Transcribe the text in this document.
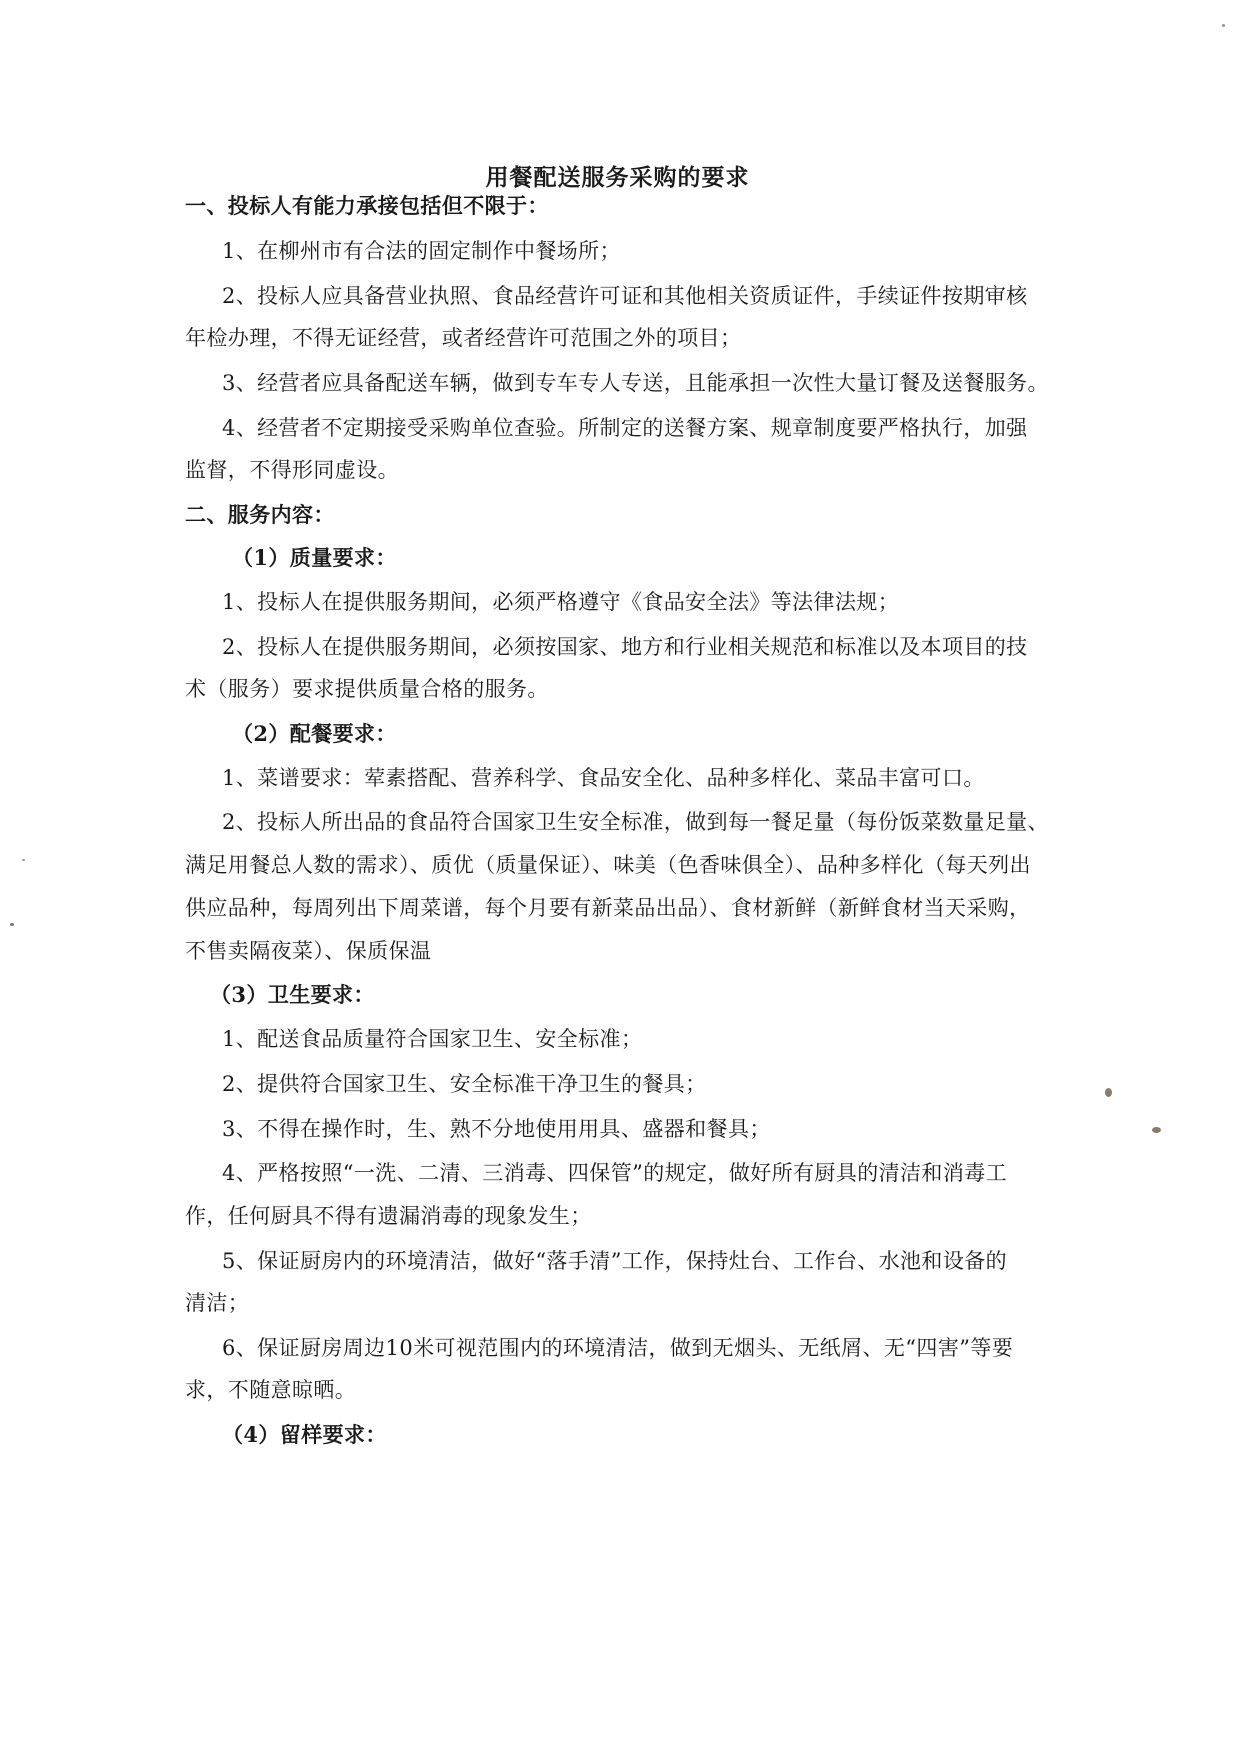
用餐配送服务采购的要求
一、投标人有能力承接包括但不限于：
1、在柳州市有合法的固定制作中餐场所；
2、投标人应具备营业执照、食品经营许可证和其他相关资质证件，手续证件按期审核
年检办理，不得无证经营，或者经营许可范围之外的项目；
3、经营者应具备配送车辆，做到专车专人专送，且能承担一次性大量订餐及送餐服务。
4、经营者不定期接受采购单位查验。所制定的送餐方案、规章制度要严格执行，加强
监督，不得形同虚设。
二、服务内容：
（1）质量要求：
1、投标人在提供服务期间，必须严格遵守《食品安全法》等法律法规；
2、投标人在提供服务期间，必须按国家、地方和行业相关规范和标准以及本项目的技
术（服务）要求提供质量合格的服务。
（2）配餐要求：
1、菜谱要求：荤素搭配、营养科学、食品安全化、品种多样化、菜品丰富可口。
2、投标人所出品的食品符合国家卫生安全标准，做到每一餐足量（每份饭菜数量足量、
满足用餐总人数的需求）、质优（质量保证）、味美（色香味俱全）、品种多样化（每天列出
供应品种，每周列出下周菜谱，每个月要有新菜品出品）、食材新鲜（新鲜食材当天采购，
不售卖隔夜菜）、保质保温
（3）卫生要求：
1、配送食品质量符合国家卫生、安全标准；
2、提供符合国家卫生、安全标准干净卫生的餐具；
3、不得在操作时，生、熟不分地使用用具、盛器和餐具；
4、严格按照“一洗、二清、三消毒、四保管”的规定，做好所有厨具的清洁和消毒工
作，任何厨具不得有遗漏消毒的现象发生；
5、保证厨房内的环境清洁，做好“落手清”工作，保持灶台、工作台、水池和设备的
清洁；
6、保证厨房周边10米可视范围内的环境清洁，做到无烟头、无纸屑、无“四害”等要
求，不随意晾晒。
（4）留样要求：
